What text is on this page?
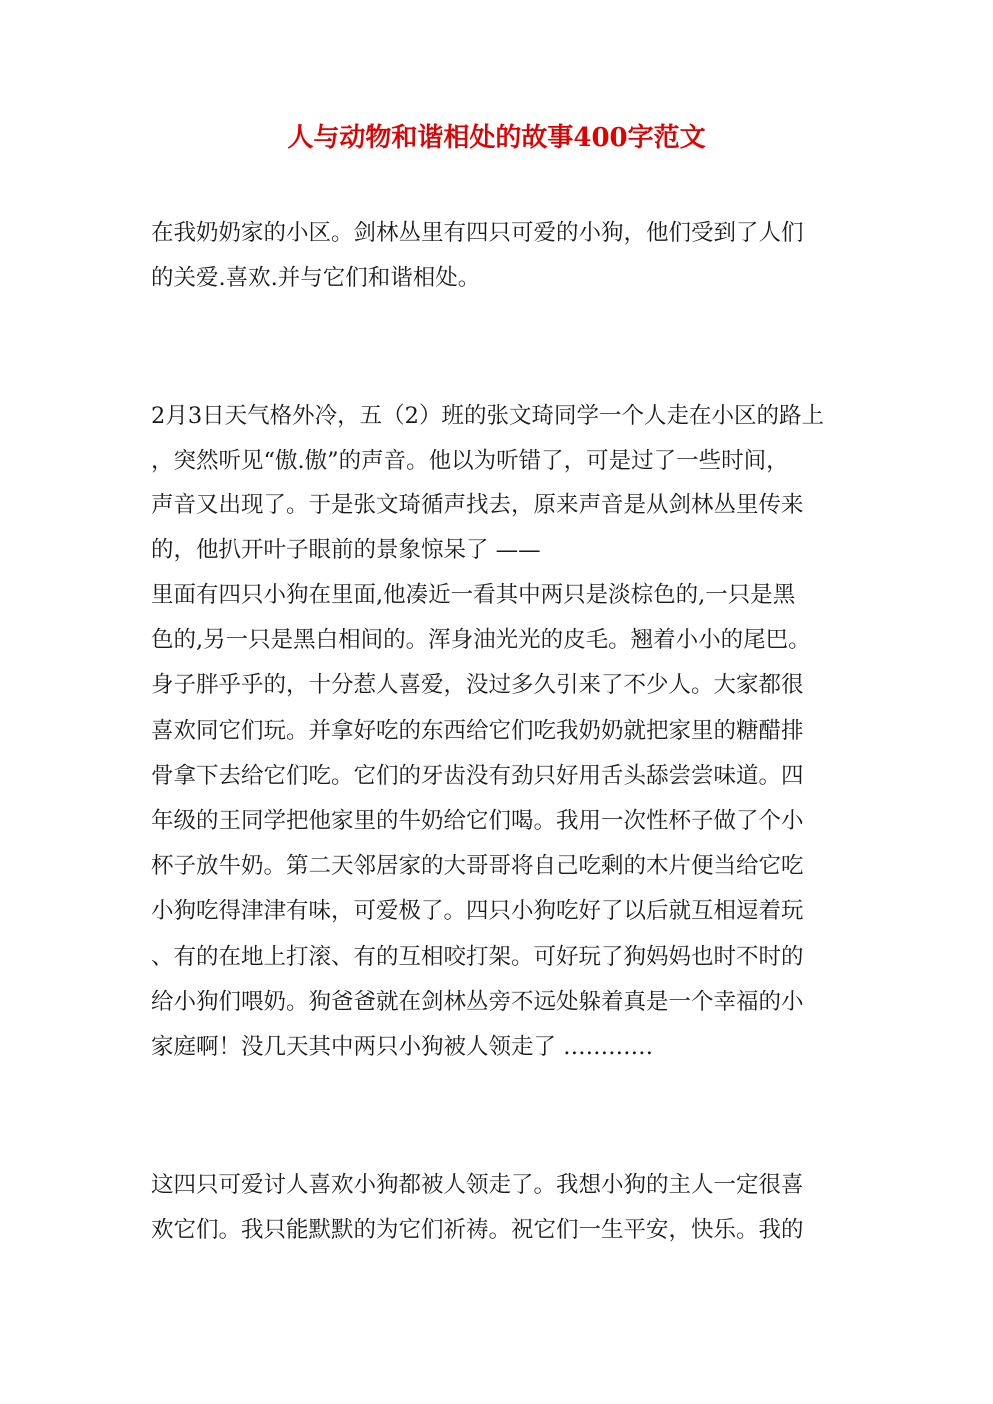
人与动物和谐相处的故事400字范文

在我奶奶家的小区。剑林丛里有四只可爱的小狗，他们受到了人们

的关爱.喜欢.并与它们和谐相处。

2月3日天气格外冷，五（2）班的张文琦同学一个人走在小区的路上

，突然听见“傲.傲”的声音。他以为听错了，可是过了一些时间，

声音又出现了。于是张文琦循声找去，原来声音是从剑林丛里传来

的，他扒开叶子眼前的景象惊呆了 ——

里面有四只小狗在里面,他凑近一看其中两只是淡棕色的,一只是黑

色的,另一只是黑白相间的。浑身油光光的皮毛。翘着小小的尾巴。

身子胖乎乎的，十分惹人喜爱，没过多久引来了不少人。大家都很

喜欢同它们玩。并拿好吃的东西给它们吃我奶奶就把家里的糖醋排

骨拿下去给它们吃。它们的牙齿没有劲只好用舌头舔尝尝味道。四

年级的王同学把他家里的牛奶给它们喝。我用一次性杯子做了个小

杯子放牛奶。第二天邻居家的大哥哥将自己吃剩的木片便当给它吃

小狗吃得津津有味，可爱极了。四只小狗吃好了以后就互相逗着玩

、有的在地上打滚、有的互相咬打架。可好玩了狗妈妈也时不时的

给小狗们喂奶。狗爸爸就在剑林丛旁不远处躲着真是一个幸福的小

家庭啊！没几天其中两只小狗被人领走了 …………

这四只可爱讨人喜欢小狗都被人领走了。我想小狗的主人一定很喜

欢它们。我只能默默的为它们祈祷。祝它们一生平安，快乐。我的
